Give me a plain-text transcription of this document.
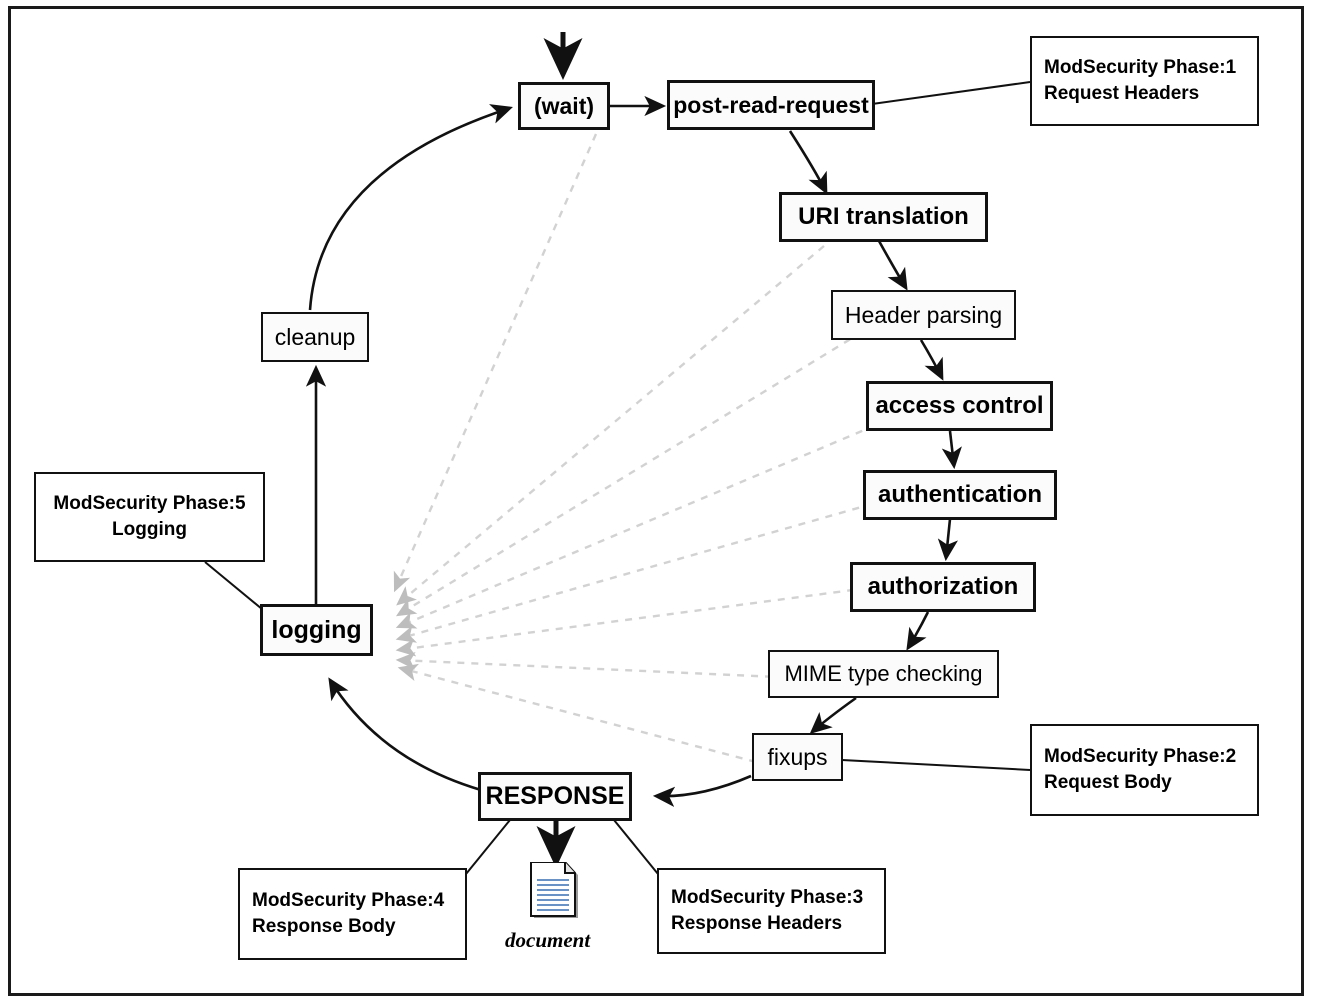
(wait)	post-read-request
URI translation
Header parsing
access control
authentication
authorization
MIME type checking
fixups
RESPONSE
logging
cleanup
document
ModSecurity Phase:1
Request Headers
ModSecurity Phase:2
Request Body
ModSecurity Phase:3
Response Headers
ModSecurity Phase:4
Response Body
ModSecurity Phase:5
Logging
